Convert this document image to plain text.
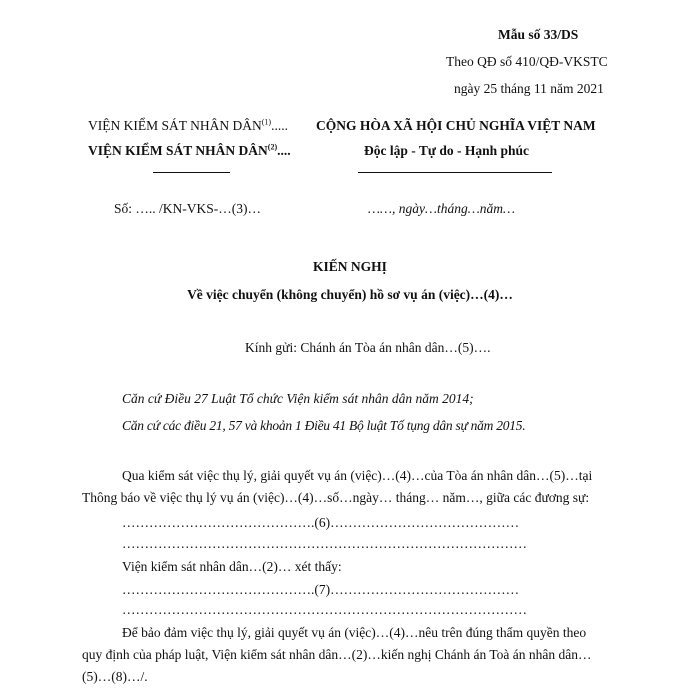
Mẫu số 33/DS
Theo QĐ số 410/QĐ-VKSTC
ngày 25 tháng 11 năm 2021
VIỆN KIỂM SÁT NHÂN DÂN$^{(1)}$.....
VIỆN KIỂM SÁT NHÂN DÂN$^{(2)}$....
Số: ….. /KN-VKS-…(3)…
CỘNG HÒA XÃ HỘI CHỦ NGHĨA VIỆT NAM
Độc lập - Tự do - Hạnh phúc
……, ngày…tháng…năm…
KIẾN NGHỊ
Về việc chuyển (không chuyển) hồ sơ vụ án (việc)…(4)…
Kính gửi: Chánh án Tòa án nhân dân…(5)….
Căn cứ Điều 27 Luật Tổ chức Viện kiểm sát nhân dân năm 2014;
Căn cứ các điều 21, 57 và khoản 1 Điều 41 Bộ luật Tố tụng dân sự năm 2015.
Qua kiểm sát việc thụ lý, giải quyết vụ án (việc)…(4)…của Tòa án nhân dân…(5)…tại
Thông báo về việc thụ lý vụ án (việc)…(4)…số…ngày… tháng… năm…, giữa các đương sự:
…………………………………….(6)……………………………………
………………………………………………………………………………
Viện kiểm sát nhân dân…(2)… xét thấy:
…………………………………….(7)……………………………………
………………………………………………………………………………
Để bảo đảm việc thụ lý, giải quyết vụ án (việc)…(4)…nêu trên đúng thẩm quyền theo
quy định của pháp luật, Viện kiểm sát nhân dân…(2)…kiến nghị Chánh án Toà án nhân dân…
(5)…(8)…/.
